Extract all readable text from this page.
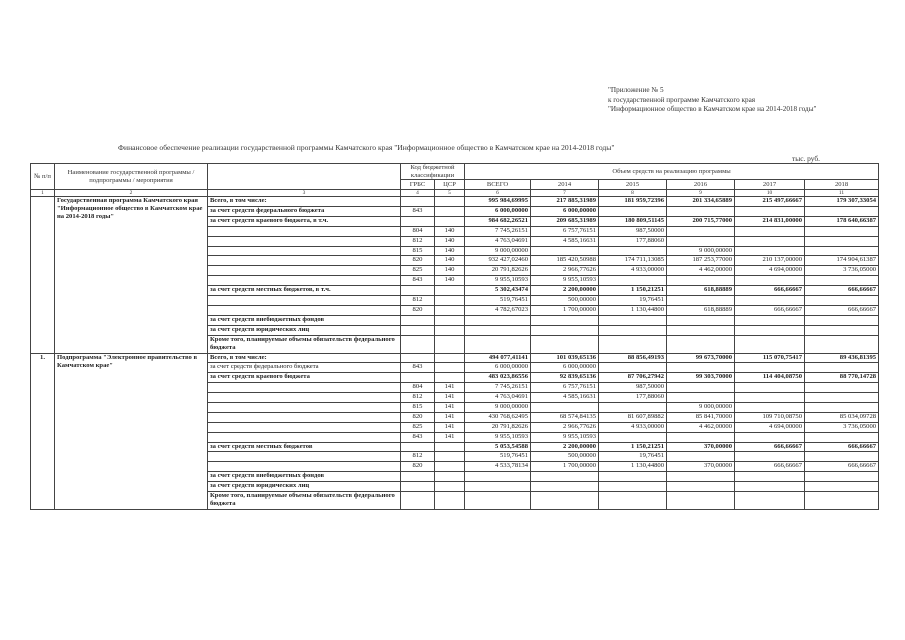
"Приложение № 5
к государственной программе Камчатского края
"Информационное общество в Камчатском крае на 2014-2018 годы"
Финансовое обеспечение реализации государственной программы Камчатского края "Информационное общество в Камчатском крае на 2014-2018 годы"
тыс. руб.
№ п/п	Наименование государственной программы / подпрограммы / мероприятия		Код бюджетной классификации		Объем средств на реализацию программы					
			ГРБС	ЦСР	ВСЕГО	2014	2015	2016	2017	2018
1	2	3	4	5	6	7	8	9	10	11
	Государственная программа Камчатского края "Информационное общество в Камчатском крае на 2014-2018 годы"	Всего, в том числе:			995 984,69995	217 885,31989	181 959,72396	201 334,65889	215 497,66667	179 307,33054
		за счет средств федерального бюджета	843		6 000,00000	6 000,00000				
		за счет средств краевого бюджета, в т.ч.			984 682,26521	209 685,31989	180 809,51145	200 715,77000	214 831,00000	178 640,66387
			804	140	7 745,26151	6 757,76151	987,50000			
			812	140	4 763,04691	4 585,16631	177,88060			
			815	140	9 000,00000			9 000,00000		
			820	140	932 427,02460	185 420,50988	174 711,13085	187 253,77000	210 137,00000	174 904,61387
			825	140	20 791,82626	2 966,77626	4 933,00000	4 462,00000	4 694,00000	3 736,05000
			843	140	9 955,10593	9 955,10593				
		за счет средств местных бюджетов, в т.ч.			5 302,43474	2 200,00000	1 150,21251	618,88889	666,66667	666,66667
			812		519,76451	500,00000	19,76451			
			820		4 782,67023	1 700,00000	1 130,44800	618,88889	666,66667	666,66667
		за счет средств внебюджетных фондов								
		за счет средств юридических лиц								
		Кроме того, планируемые объемы обязательств федерального бюджета								
1.	Подпрограмма "Электронное правительство в Камчатском крае"	Всего, в том числе:			494 077,41141	101 039,65136	88 856,49193	99 673,70000	115 070,75417	89 436,81395
		за счет средств федерального бюджета	843		6 000,00000	6 000,00000				
		за счет средств краевого бюджета			483 023,86556	92 839,65136	87 706,27942	99 303,70000	114 404,08750	88 770,14728
			804	141	7 745,26151	6 757,76151	987,50000			
			812	141	4 763,04691	4 585,16631	177,88060			
			815	141	9 000,00000			9 000,00000		
			820	141	430 768,62495	68 574,84135	81 607,89882	85 841,70000	109 710,08750	85 034,09728
			825	141	20 791,82626	2 966,77626	4 933,00000	4 462,00000	4 694,00000	3 736,05000
			843	141	9 955,10593	9 955,10593				
		за счет средств местных бюджетов			5 053,54588	2 200,00000	1 150,21251	370,00000	666,66667	666,66667
			812		519,76451	500,00000	19,76451			
			820		4 533,78134	1 700,00000	1 130,44800	370,00000	666,66667	666,66667
		за счет средств внебюджетных фондов								
		за счет средств юридических лиц								
		Кроме того, планируемые объемы обязательств федерального бюджета								
